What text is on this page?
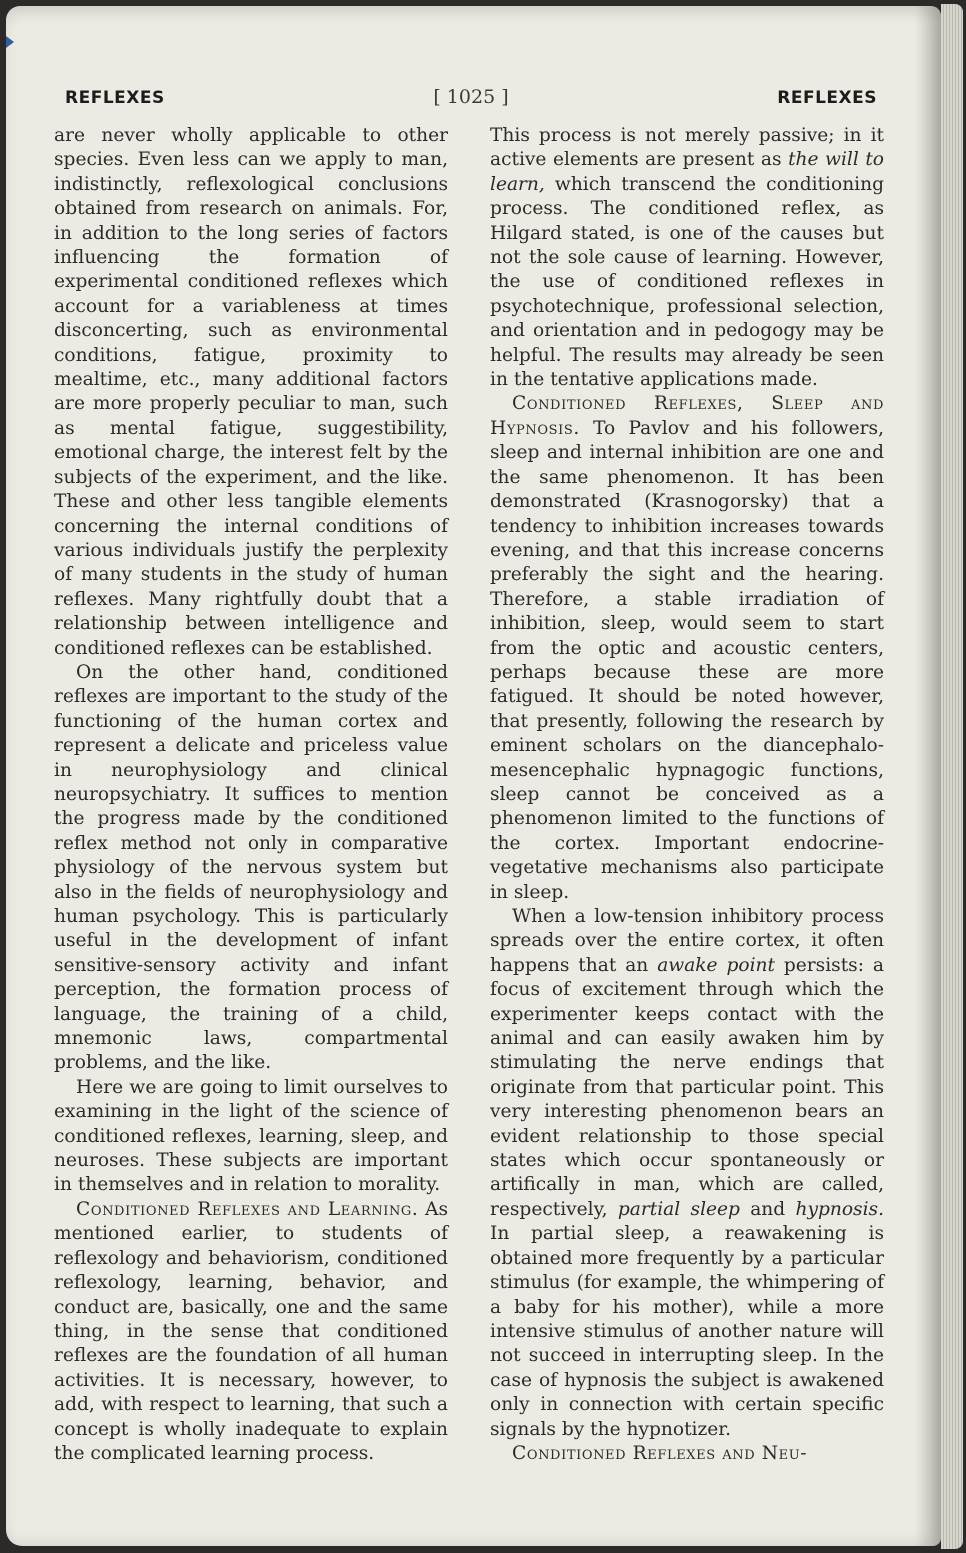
REFLEXES	[ 1025 ]	REFLEXES

are never wholly applicable to other species. Even less can we apply to man, indistinctly, reflexological conclusions obtained from research on animals. For, in addition to the long series of factors influencing the formation of experimental conditioned reflexes which account for a variableness at times disconcerting, such as environmental conditions, fatigue, proximity to mealtime, etc., many additional factors are more properly peculiar to man, such as mental fatigue, suggestibility, emotional charge, the interest felt by the subjects of the experiment, and the like. These and other less tangible elements concerning the internal conditions of various individuals justify the perplexity of many students in the study of human reflexes. Many rightfully doubt that a relationship between intelligence and conditioned reflexes can be established.

On the other hand, conditioned reflexes are important to the study of the functioning of the human cortex and represent a delicate and priceless value in neurophysiology and clinical neuropsychiatry. It suffices to mention the progress made by the conditioned reflex method not only in comparative physiology of the nervous system but also in the fields of neurophysiology and human psychology. This is particularly useful in the development of infant sensitive-sensory activity and infant perception, the formation process of language, the training of a child, mnemonic laws, compartmental problems, and the like.

Here we are going to limit ourselves to examining in the light of the science of conditioned reflexes, learning, sleep, and neuroses. These subjects are important in themselves and in relation to morality.

Conditioned Reflexes and Learning. As mentioned earlier, to students of reflexology and behaviorism, conditioned reflexology, learning, behavior, and conduct are, basically, one and the same thing, in the sense that conditioned reflexes are the foundation of all human activities. It is necessary, however, to add, with respect to learning, that such a concept is wholly inadequate to explain the complicated learning process.

This process is not merely passive; in it active elements are present as the will to learn, which transcend the conditioning process. The conditioned reflex, as Hilgard stated, is one of the causes but not the sole cause of learning. However, the use of conditioned reflexes in psychotechnique, professional selection, and orientation and in pedogogy may be helpful. The results may already be seen in the tentative applications made.

Conditioned Reflexes, Sleep and Hypnosis. To Pavlov and his followers, sleep and internal inhibition are one and the same phenomenon. It has been demonstrated (Krasnogorsky) that a tendency to inhibition increases towards evening, and that this increase concerns preferably the sight and the hearing. Therefore, a stable irradiation of inhibition, sleep, would seem to start from the optic and acoustic centers, perhaps because these are more fatigued. It should be noted however, that presently, following the research by eminent scholars on the diancephalo-mesencephalic hypnagogic functions, sleep cannot be conceived as a phenomenon limited to the functions of the cortex. Important endocrine-vegetative mechanisms also participate in sleep.

When a low-tension inhibitory process spreads over the entire cortex, it often happens that an awake point persists: a focus of excitement through which the experimenter keeps contact with the animal and can easily awaken him by stimulating the nerve endings that originate from that particular point. This very interesting phenomenon bears an evident relationship to those special states which occur spontaneously or artifically in man, which are called, respectively, partial sleep and hypnosis. In partial sleep, a reawakening is obtained more frequently by a particular stimulus (for example, the whimpering of a baby for his mother), while a more intensive stimulus of another nature will not succeed in interrupting sleep. In the case of hypnosis the subject is awakened only in connection with certain specific signals by the hypnotizer.

Conditioned Reflexes and Neu-
